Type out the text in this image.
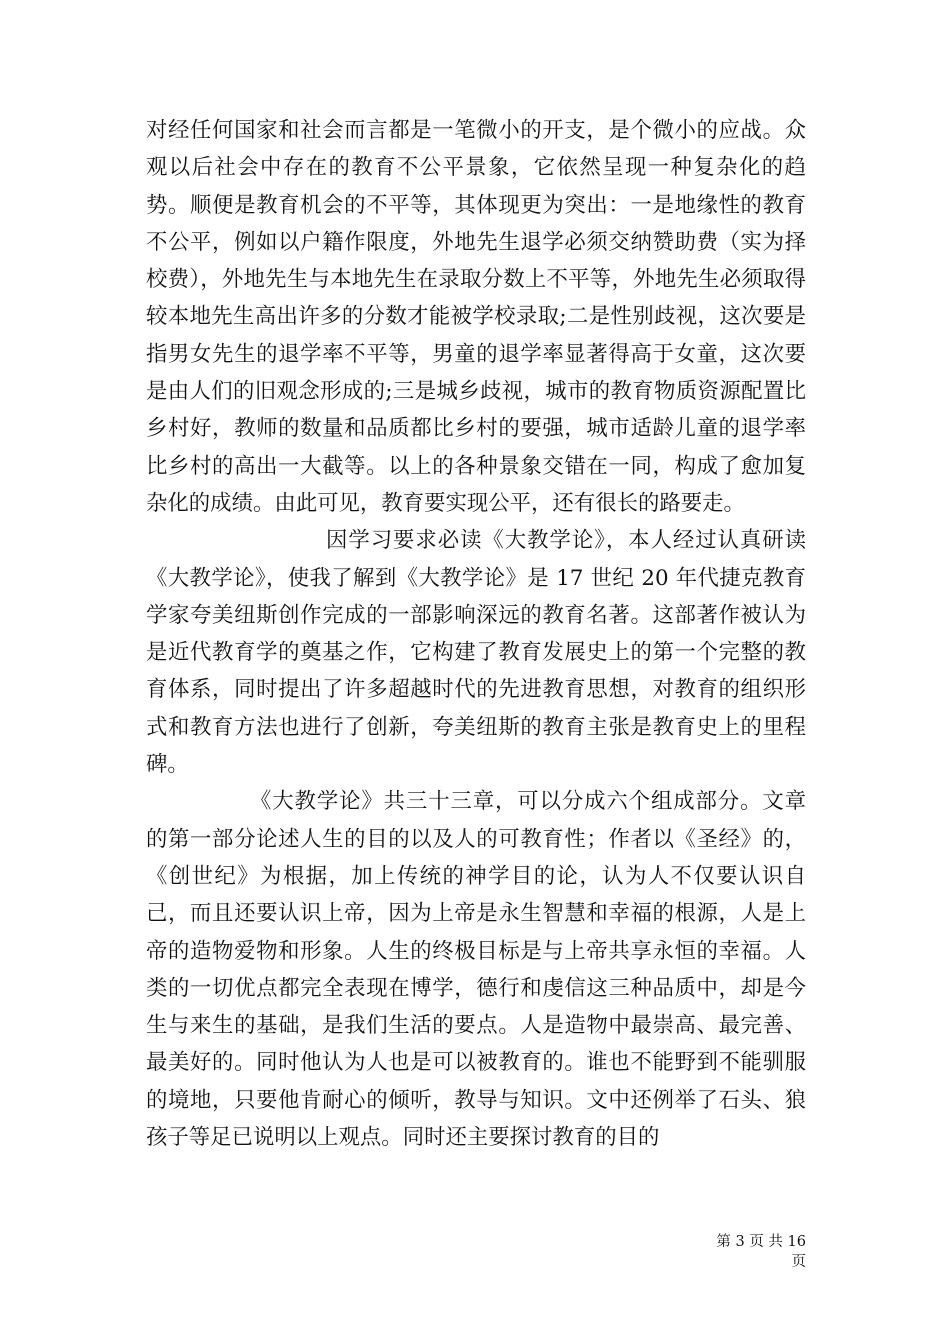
对经任何国家和社会而言都是一笔微小的开支，是个微小的应战。众观以后社会中存在的教育不公平景象，它依然呈现一种复杂化的趋势。顺便是教育机会的不平等，其体现更为突出：一是地缘性的教育不公平，例如以户籍作限度，外地先生退学必须交纳赞助费（实为择校费），外地先生与本地先生在录取分数上不平等，外地先生必须取得较本地先生高出许多的分数才能被学校录取;二是性别歧视，这次要是指男女先生的退学率不平等，男童的退学率显著得高于女童，这次要是由人们的旧观念形成的;三是城乡歧视，城市的教育物质资源配置比乡村好，教师的数量和品质都比乡村的要强，城市适龄儿童的退学率比乡村的高出一大截等。以上的各种景象交错在一同，构成了愈加复杂化的成绩。由此可见，教育要实现公平，还有很长的路要走。

因学习要求必读《大教学论》，本人经过认真研读《大教学论》，使我了解到《大教学论》是 17 世纪 20 年代捷克教育学家夸美纽斯创作完成的一部影响深远的教育名著。这部著作被认为是近代教育学的奠基之作，它构建了教育发展史上的第一个完整的教育体系，同时提出了许多超越时代的先进教育思想，对教育的组织形式和教育方法也进行了创新，夸美纽斯的教育主张是教育史上的里程碑。

《大教学论》共三十三章，可以分成六个组成部分。文章的第一部分论述人生的目的以及人的可教育性；作者以《圣经》的，《创世纪》为根据，加上传统的神学目的论，认为人不仅要认识自己，而且还要认识上帝，因为上帝是永生智慧和幸福的根源，人是上帝的造物爱物和形象。人生的终极目标是与上帝共享永恒的幸福。人类的一切优点都完全表现在博学，德行和虔信这三种品质中，却是今生与来生的基础，是我们生活的要点。人是造物中最崇高、最完善、最美好的。同时他认为人也是可以被教育的。谁也不能野到不能驯服的境地，只要他肯耐心的倾听，教导与知识。文中还例举了石头、狼孩子等足已说明以上观点。同时还主要探讨教育的目的

第 3 页 共 16 页
